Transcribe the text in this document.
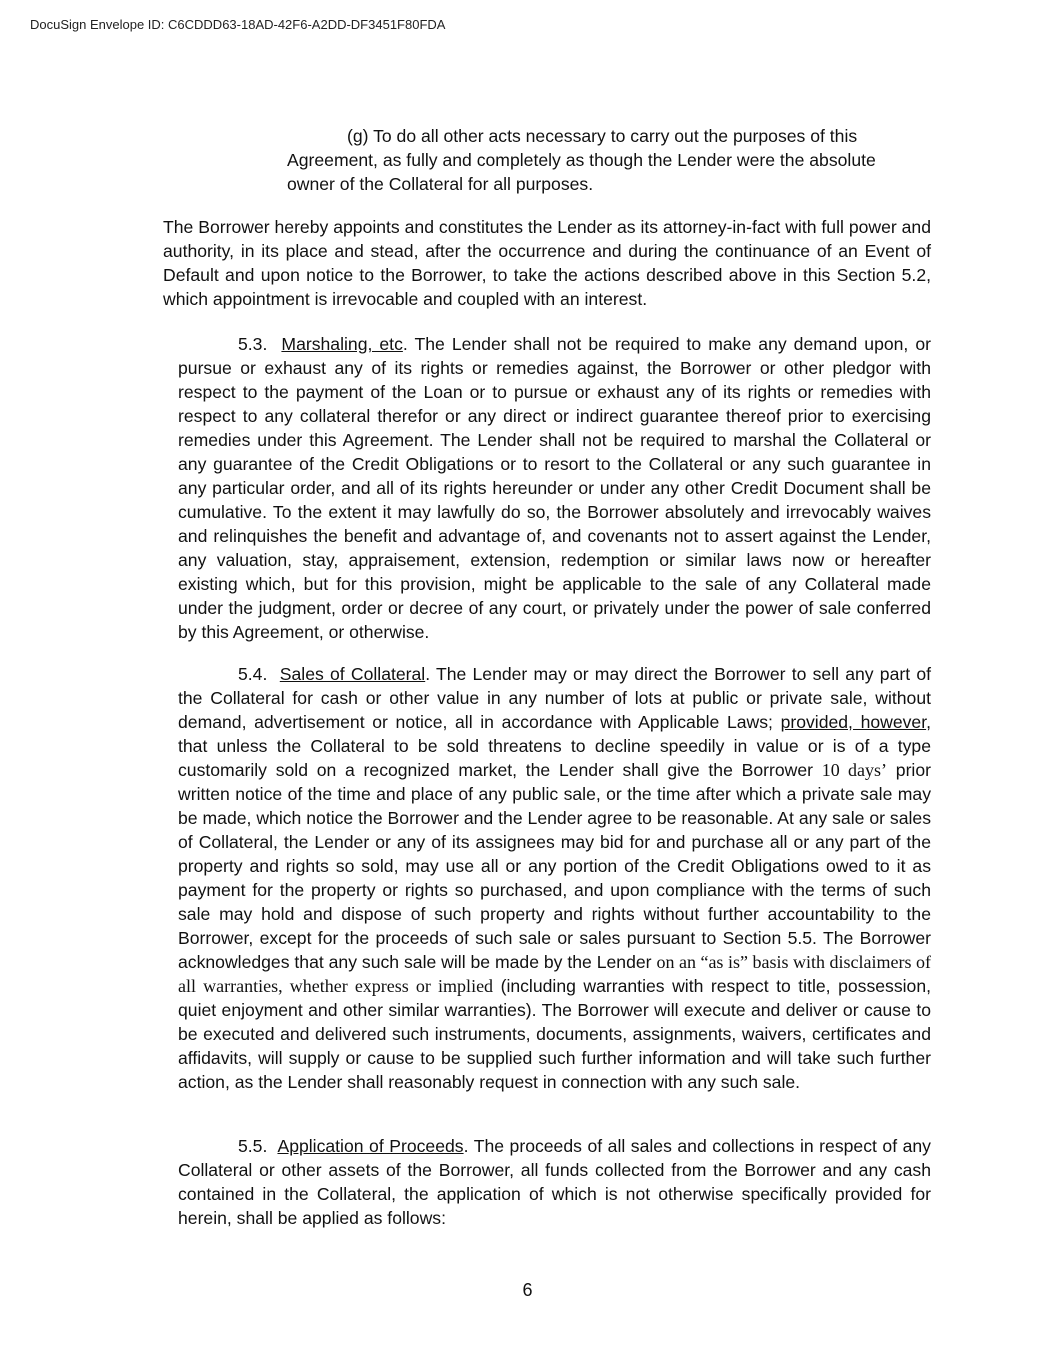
DocuSign Envelope ID: C6CDDD63-18AD-42F6-A2DD-DF3451F80FDA

(g) To do all other acts necessary to carry out the purposes of this Agreement, as fully and completely as though the Lender were the absolute owner of the Collateral for all purposes.

The Borrower hereby appoints and constitutes the Lender as its attorney-in-fact with full power and authority, in its place and stead, after the occurrence and during the continuance of an Event of Default and upon notice to the Borrower, to take the actions described above in this Section 5.2, which appointment is irrevocable and coupled with an interest.

5.3. Marshaling, etc. The Lender shall not be required to make any demand upon, or pursue or exhaust any of its rights or remedies against, the Borrower or other pledgor with respect to the payment of the Loan or to pursue or exhaust any of its rights or remedies with respect to any collateral therefor or any direct or indirect guarantee thereof prior to exercising remedies under this Agreement. The Lender shall not be required to marshal the Collateral or any guarantee of the Credit Obligations or to resort to the Collateral or any such guarantee in any particular order, and all of its rights hereunder or under any other Credit Document shall be cumulative. To the extent it may lawfully do so, the Borrower absolutely and irrevocably waives and relinquishes the benefit and advantage of, and covenants not to assert against the Lender, any valuation, stay, appraisement, extension, redemption or similar laws now or hereafter existing which, but for this provision, might be applicable to the sale of any Collateral made under the judgment, order or decree of any court, or privately under the power of sale conferred by this Agreement, or otherwise.

5.4. Sales of Collateral. The Lender may or may direct the Borrower to sell any part of the Collateral for cash or other value in any number of lots at public or private sale, without demand, advertisement or notice, all in accordance with Applicable Laws; provided, however, that unless the Collateral to be sold threatens to decline speedily in value or is of a type customarily sold on a recognized market, the Lender shall give the Borrower 10 days’ prior written notice of the time and place of any public sale, or the time after which a private sale may be made, which notice the Borrower and the Lender agree to be reasonable. At any sale or sales of Collateral, the Lender or any of its assignees may bid for and purchase all or any part of the property and rights so sold, may use all or any portion of the Credit Obligations owed to it as payment for the property or rights so purchased, and upon compliance with the terms of such sale may hold and dispose of such property and rights without further accountability to the Borrower, except for the proceeds of such sale or sales pursuant to Section 5.5. The Borrower acknowledges that any such sale will be made by the Lender on an “as is” basis with disclaimers of all warranties, whether express or implied (including warranties with respect to title, possession, quiet enjoyment and other similar warranties). The Borrower will execute and deliver or cause to be executed and delivered such instruments, documents, assignments, waivers, certificates and affidavits, will supply or cause to be supplied such further information and will take such further action, as the Lender shall reasonably request in connection with any such sale.

5.5. Application of Proceeds. The proceeds of all sales and collections in respect of any Collateral or other assets of the Borrower, all funds collected from the Borrower and any cash contained in the Collateral, the application of which is not otherwise specifically provided for herein, shall be applied as follows:

6
